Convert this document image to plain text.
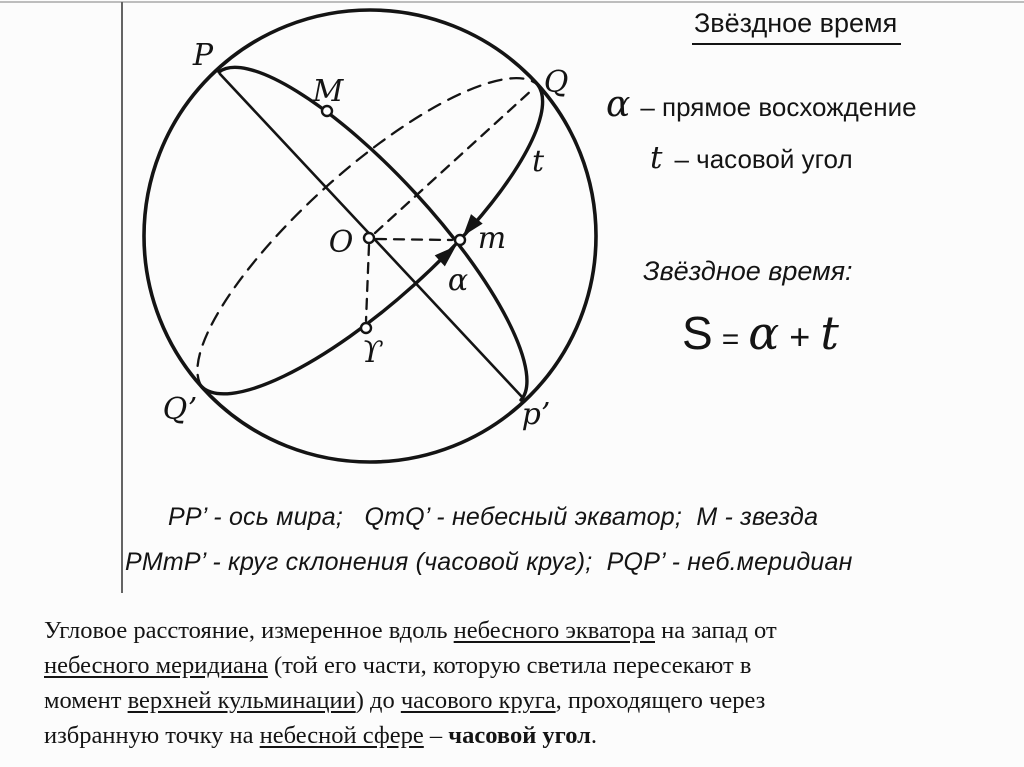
P
Q
M
O	m
t
α
ϒ
Q’	p’
Звёздное время
α – прямое восхождение
t – часовой угол
Звёздное время:
S = α + t
PP’ - ось мира;   QmQ’ - небесный экватор;  M - звезда
PMmP’ - круг склонения (часовой круг);  PQP’ - неб.меридиан
Угловое расстояние, измеренное вдоль небесного экватора на запад от
небесного меридиана (той его части, которую светила пересекают в
момент верхней кульминации) до часового круга, проходящего через
избранную точку на небесной сфере – часовой угол.
